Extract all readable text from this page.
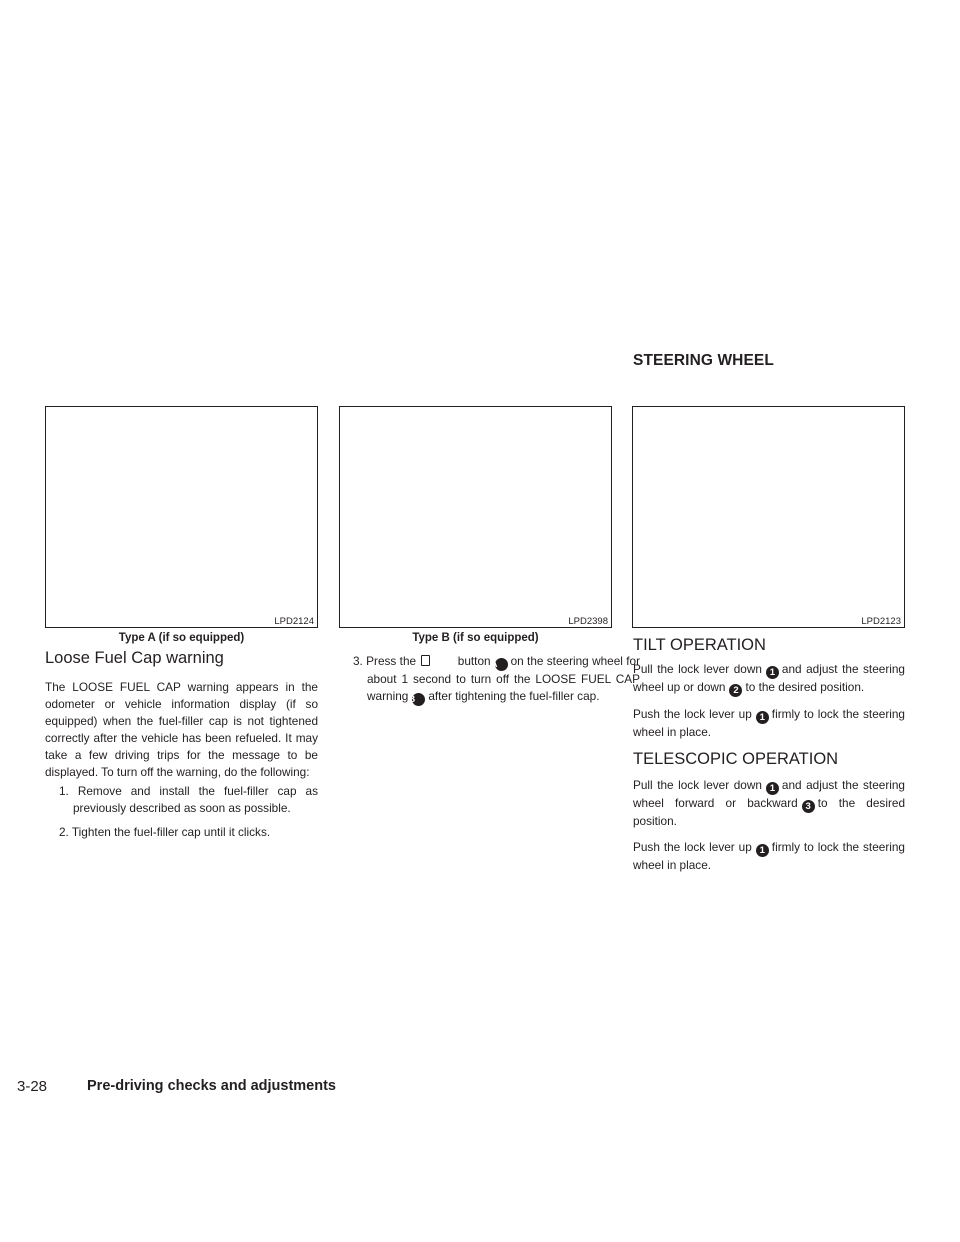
STEERING WHEEL
LPD2124
Type A (if so equipped)
LPD2398
Type B (if so equipped)
LPD2123
Loose Fuel Cap warning
The LOOSE FUEL CAP warning appears in the odometer or vehicle information display (if so equipped) when the fuel-filler cap is not tightened correctly after the vehicle has been refueled. It may take a few driving trips for the message to be displayed. To turn off the warning, do the following:
1. Remove and install the fuel-filler cap as previously described as soon as possible.
2. Tighten the fuel-filler cap until it clicks.
3. Press the	buttonA on the steering wheel for about 1 second to turn off the LOOSE FUEL CAP warningB after tightening the fuel-filler cap.
TILT OPERATION
Pull the lock lever down 1 and adjust the steering wheel up or down 2 to the desired position.
Push the lock lever up 1 firmly to lock the steering wheel in place.
TELESCOPIC OPERATION
Pull the lock lever down 1 and adjust the steering wheel forward or backward 3 to the desired position.
Push the lock lever up 1 firmly to lock the steering wheel in place.
3-28	Pre-driving checks and adjustments
